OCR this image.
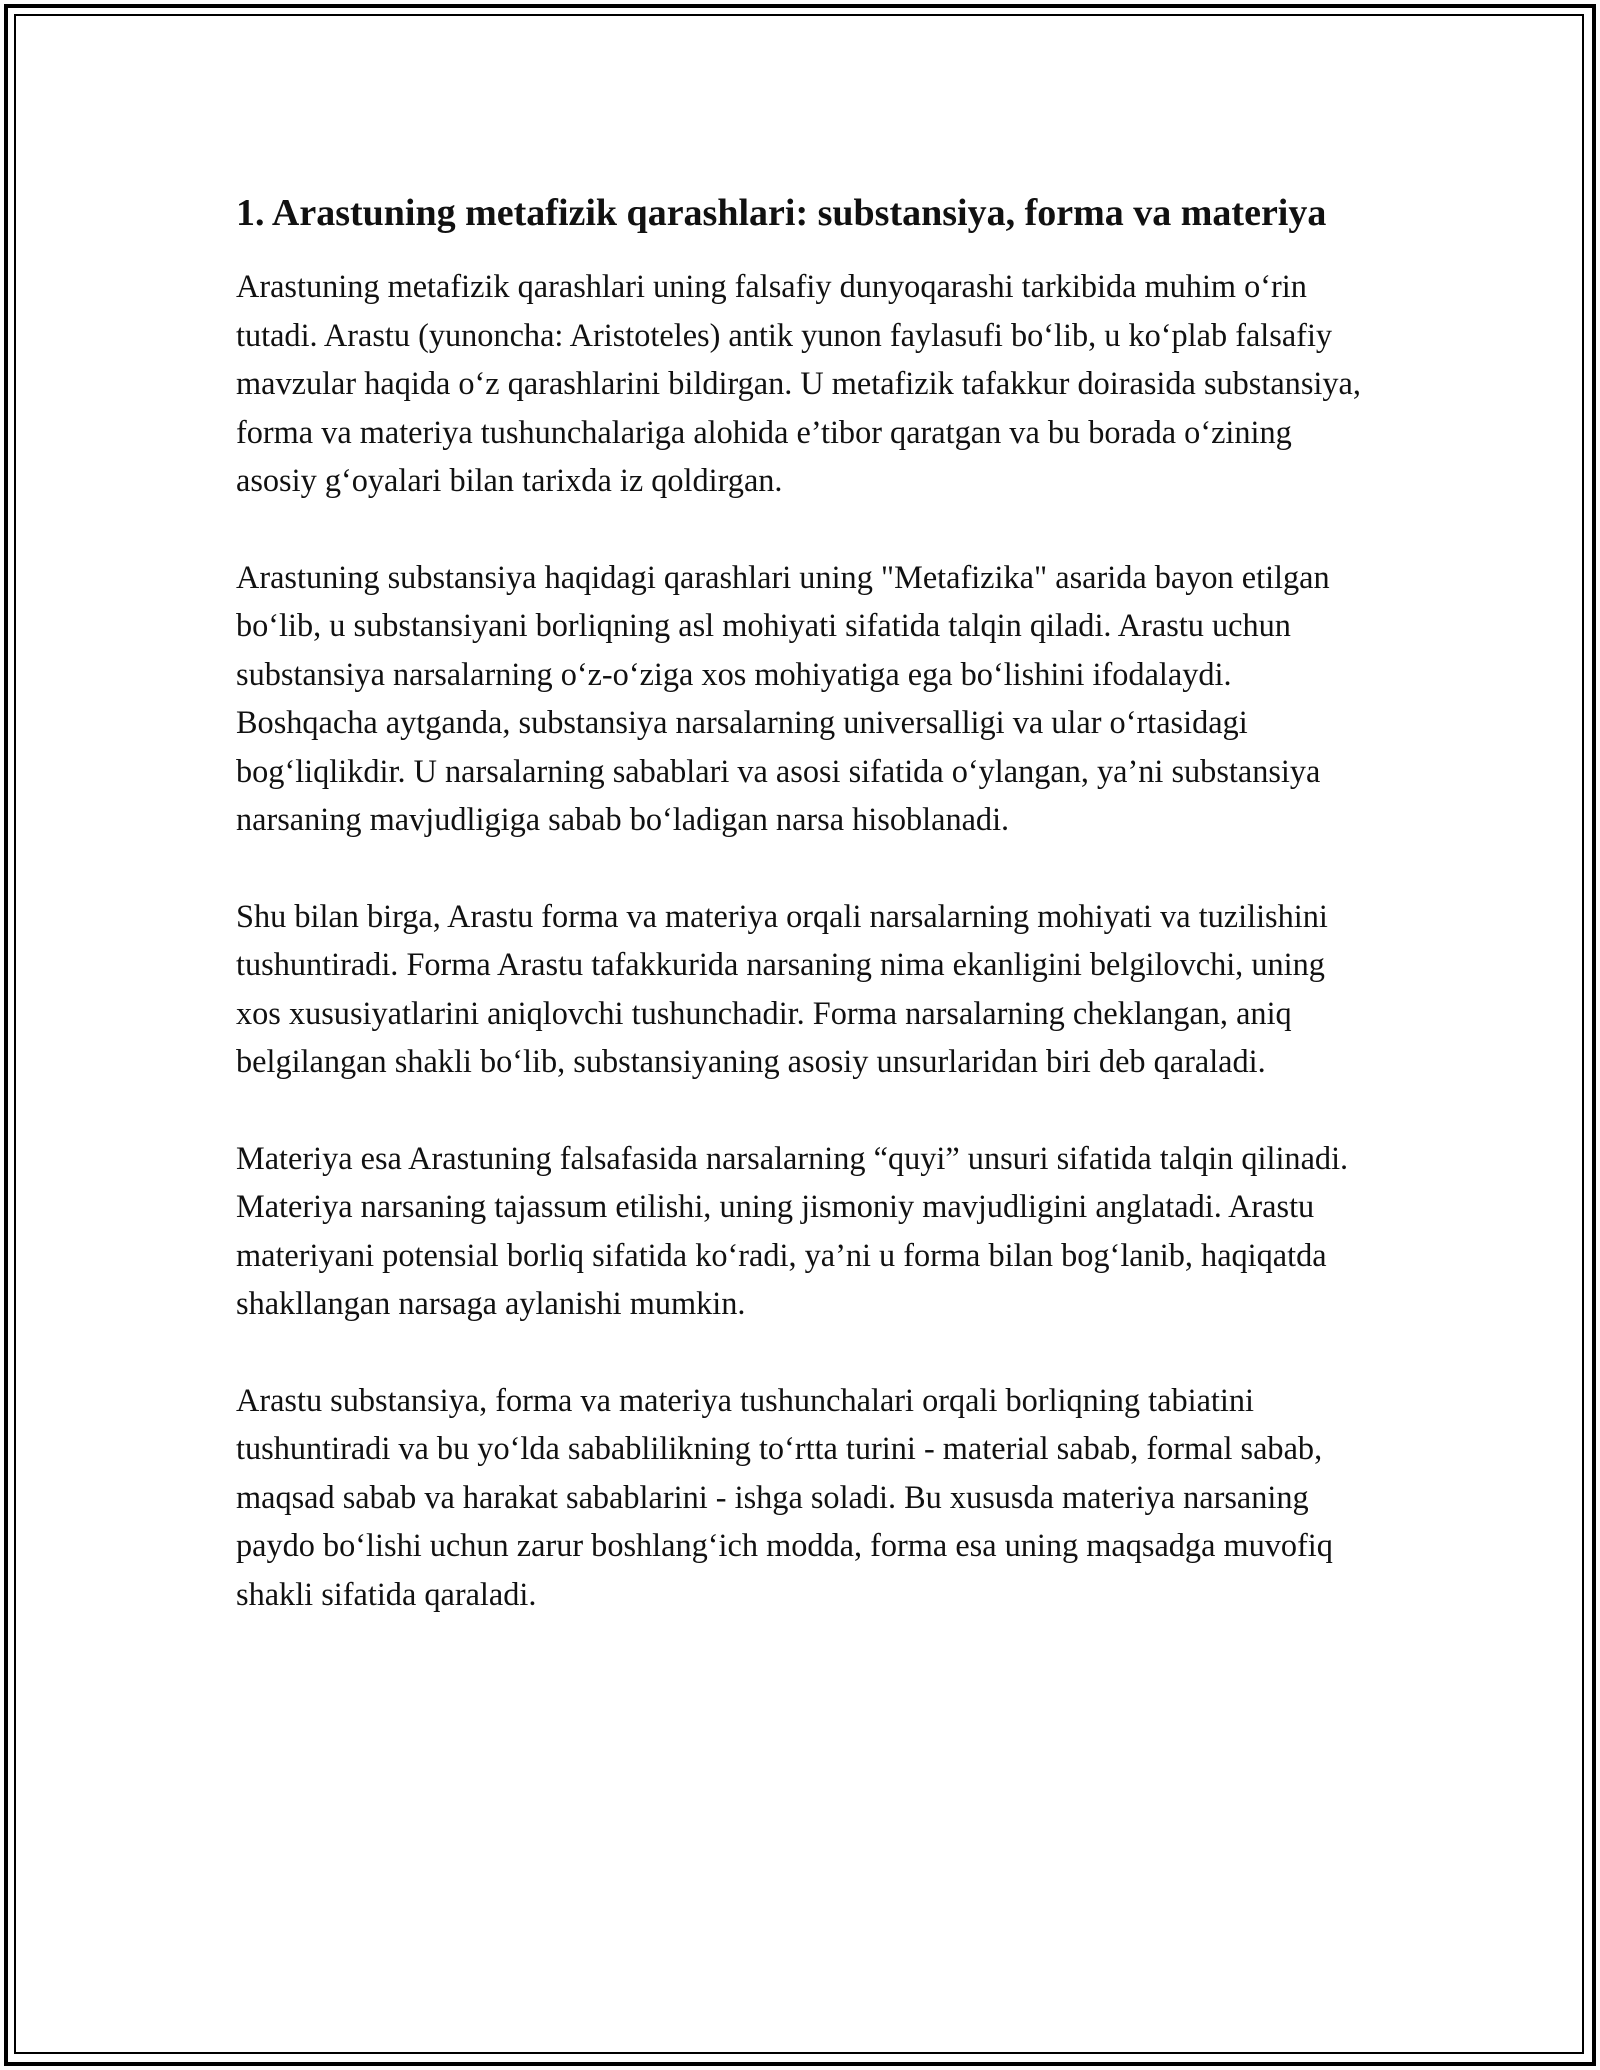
1. Arastuning metafizik qarashlari: substansiya, forma va materiya

Arastuning metafizik qarashlari uning falsafiy dunyoqarashi tarkibida muhim o‘rin tutadi. Arastu (yunoncha: Aristoteles) antik yunon faylasufi bo‘lib, u ko‘plab falsafiy mavzular haqida o‘z qarashlarini bildirgan. U metafizik tafakkur doirasida substansiya, forma va materiya tushunchalariga alohida e’tibor qaratgan va bu borada o‘zining asosiy g‘oyalari bilan tarixda iz qoldirgan.

Arastuning substansiya haqidagi qarashlari uning "Metafizika" asarida bayon etilgan bo‘lib, u substansiyani borliqning asl mohiyati sifatida talqin qiladi. Arastu uchun substansiya narsalarning o‘z-o‘ziga xos mohiyatiga ega bo‘lishini ifodalaydi. Boshqacha aytganda, substansiya narsalarning universalligi va ular o‘rtasidagi bog‘liqlikdir. U narsalarning sabablari va asosi sifatida o‘ylangan, ya’ni substansiya narsaning mavjudligiga sabab bo‘ladigan narsa hisoblanadi.

Shu bilan birga, Arastu forma va materiya orqali narsalarning mohiyati va tuzilishini tushuntiradi. Forma Arastu tafakkurida narsaning nima ekanligini belgilovchi, uning xos xususiyatlarini aniqlovchi tushunchadir. Forma narsalarning cheklangan, aniq belgilangan shakli bo‘lib, substansiyaning asosiy unsurlaridan biri deb qaraladi.

Materiya esa Arastuning falsafasida narsalarning “quyi” unsuri sifatida talqin qilinadi. Materiya narsaning tajassum etilishi, uning jismoniy mavjudligini anglatadi. Arastu materiyani potensial borliq sifatida ko‘radi, ya’ni u forma bilan bog‘lanib, haqiqatda shakllangan narsaga aylanishi mumkin.

Arastu substansiya, forma va materiya tushunchalari orqali borliqning tabiatini tushuntiradi va bu yo‘lda sabablilikning to‘rtta turini - material sabab, formal sabab, maqsad sabab va harakat sabablarini - ishga soladi. Bu xususda materiya narsaning paydo bo‘lishi uchun zarur boshlang‘ich modda, forma esa uning maqsadga muvofiq shakli sifatida qaraladi.
